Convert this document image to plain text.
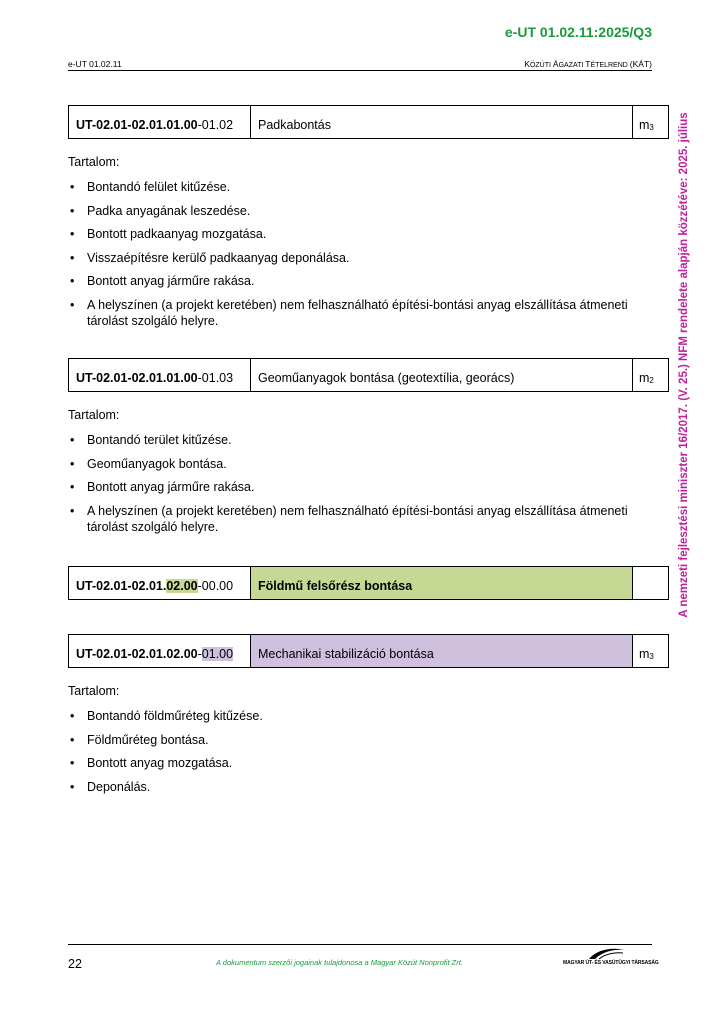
e-UT 01.02.11:2025/Q3
e-UT 01.02.11	KÖZÚTI ÁGAZATI TÉTELREND (KÁT)
A nemzeti fejlesztési miniszter 16/2017. (V. 25.) NFM rendelete alapján közzétéve: 2025. július
UT-02.01-02.01.01.00 -01.02	Padkabontás	$m_3$
Tartalom:
• Bontandó felület kitűzése.
• Padka anyagának leszedése.
• Bontott padkaanyag mozgatása.
• Visszaépítésre kerülő padkaanyag deponálása.
• Bontott anyag járműre rakása.
• A helyszínen (a projekt keretében) nem felhasználható építési-bontási anyag elszállítása átmeneti tárolást szolgáló helyre.
UT-02.01-02.01.01.00 -01.03	Geoműanyagok bontása (geotextília, georács)	$m_2$
Tartalom:
• Bontandó terület kitűzése.
• Geoműanyagok bontása.
• Bontott anyag járműre rakása.
• A helyszínen (a projekt keretében) nem felhasználható építési-bontási anyag elszállítása átmeneti tárolást szolgáló helyre.
UT-02.01-02.01. 02.00 -00.00	Földmű felsőrész bontása
UT-02.01-02.01.02.00 - 01.00	Mechanikai stabilizáció bontása	$m_3$
Tartalom:
• Bontandó földműréteg kitűzése.
• Földműréteg bontása.
• Bontott anyag mozgatása.
• Deponálás.
22	A dokumentum szerzői jogainak tulajdonosa a Magyar Közút Nonprofit Zrt.	MAGYAR ÚT- ÉS VASÚTÜGYI TÁRSASÁG
